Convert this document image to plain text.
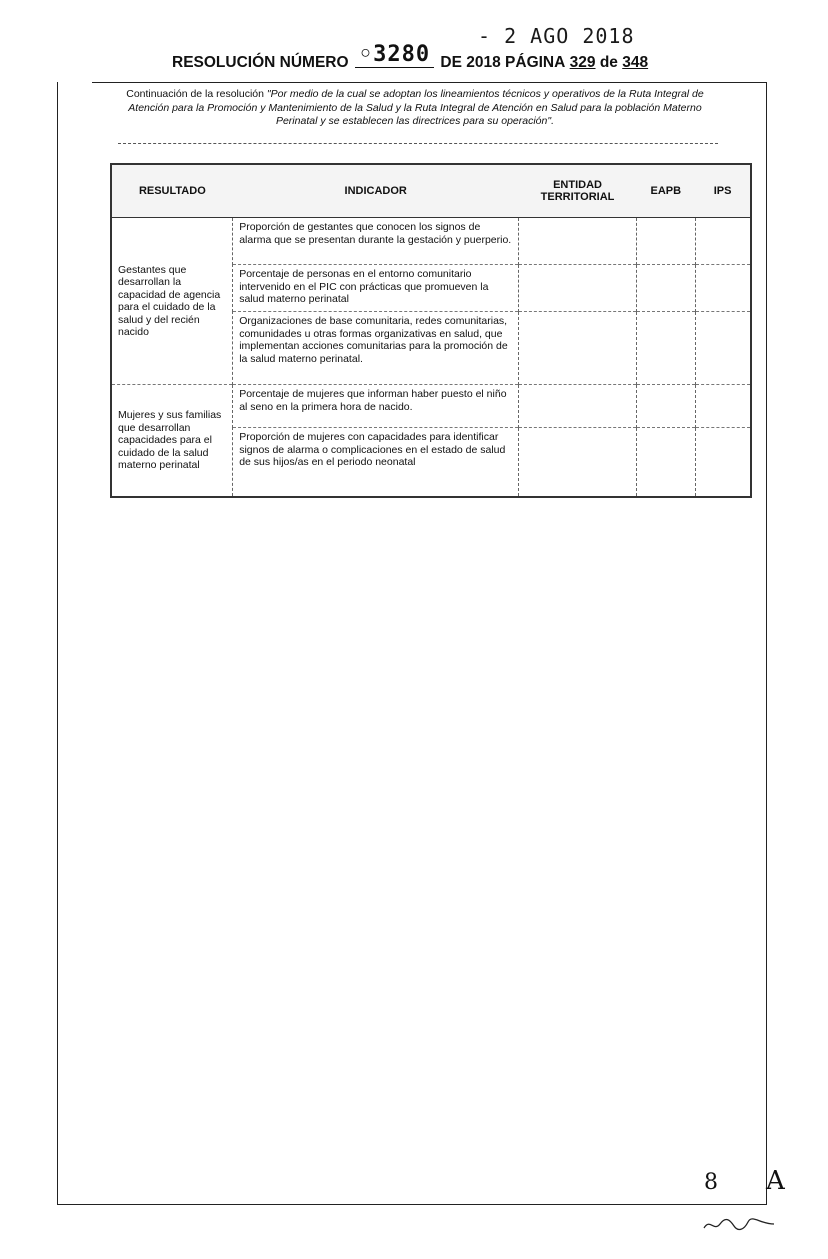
- 2 AGO 2018
RESOLUCIÓN NÚMERO ◦3280 DE 2018 PÁGINA 329 de 348
Continuación de la resolución "Por medio de la cual se adoptan los lineamientos técnicos y operativos de la Ruta Integral de Atención para la Promoción y Mantenimiento de la Salud y la Ruta Integral de Atención en Salud para la población Materno Perinatal y se establecen las directrices para su operación".
RESULTADO	INDICADOR	ENTIDAD TERRITORIAL	EAPB	IPS
Gestantes que desarrollan la capacidad de agencia para el cuidado de la salud y del recién nacido	Proporción de gestantes que conocen los signos de alarma que se presentan durante la gestación y puerperio.			
	Porcentaje de personas en el entorno comunitario intervenido en el PIC con prácticas que promueven la salud materno perinatal			
	Organizaciones de base comunitaria, redes comunitarias, comunidades u otras formas organizativas en salud, que implementan acciones comunitarias para la promoción de la salud materno perinatal.			
Mujeres y sus familias que desarrollan capacidades para el cuidado de la salud materno perinatal	Porcentaje de mujeres que informan haber puesto el niño al seno en la primera hora de nacido.			
	Proporción de mujeres con capacidades para identificar signos de alarma o complicaciones en el estado de salud de sus hijos/as en el periodo neonatal			
8 A
